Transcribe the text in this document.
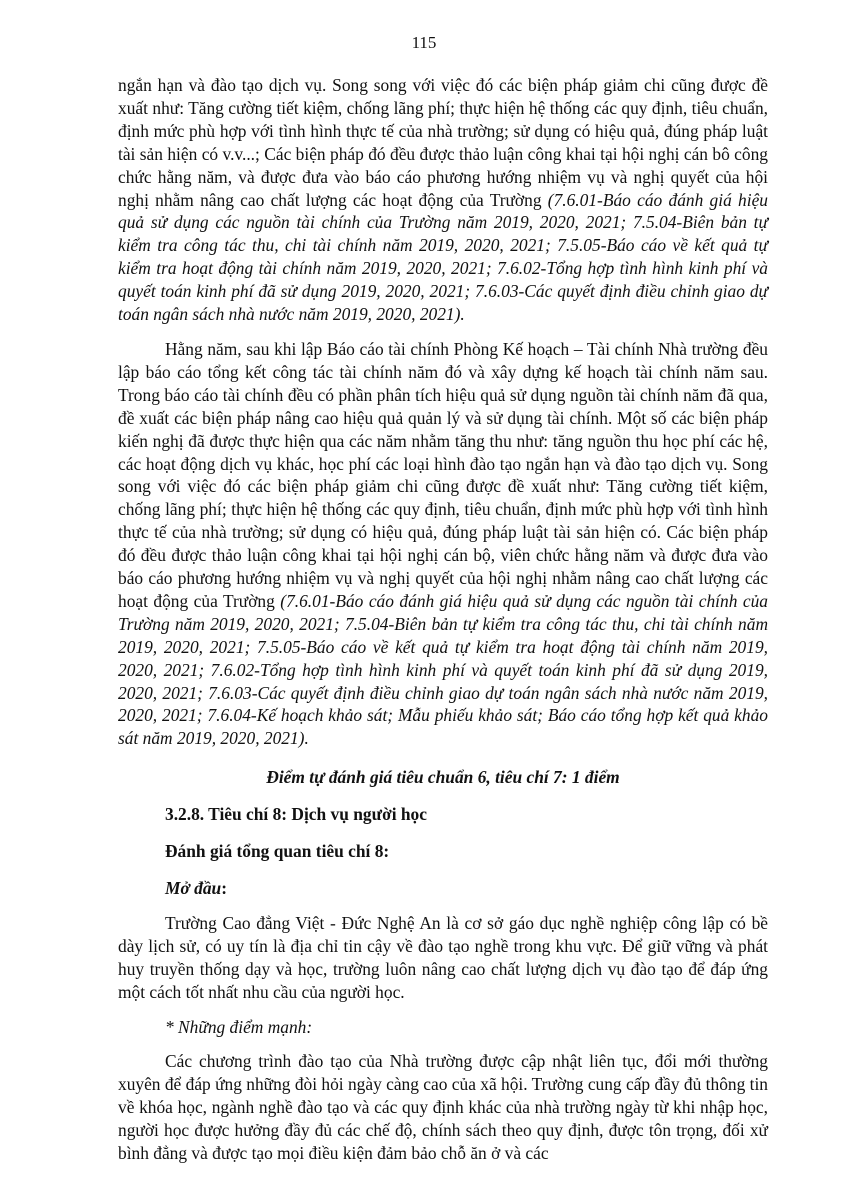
115

ngắn hạn và đào tạo dịch vụ. Song song với việc đó các biện pháp giảm chi cũng được đề xuất như: Tăng cường tiết kiệm, chống lãng phí; thực hiện hệ thống các quy định, tiêu chuẩn, định mức phù hợp với tình hình thực tế của nhà trường; sử dụng có hiệu quả, đúng pháp luật tài sản hiện có v.v...; Các biện pháp đó đều được thảo luận công khai tại hội nghị cán bô công chức hằng năm, và được đưa vào báo cáo phương hướng nhiệm vụ và nghị quyết của hội nghị nhằm nâng cao chất lượng các hoạt động của Trường (7.6.01-Báo cáo đánh giá hiệu quả sử dụng các nguồn tài chính của Trường năm 2019, 2020, 2021; 7.5.04-Biên bản tự kiểm tra công tác thu, chi tài chính năm 2019, 2020, 2021; 7.5.05-Báo cáo về kết quả tự kiểm tra hoạt động tài chính năm 2019, 2020, 2021; 7.6.02-Tổng hợp tình hình kinh phí và quyết toán kinh phí đã sử dụng 2019, 2020, 2021; 7.6.03-Các quyết định điều chỉnh giao dự toán ngân sách nhà nước năm 2019, 2020, 2021).

Hằng năm, sau khi lập Báo cáo tài chính Phòng Kế hoạch – Tài chính Nhà trường đều lập báo cáo tổng kết công tác tài chính năm đó và xây dựng kế hoạch tài chính năm sau. Trong báo cáo tài chính đều có phần phân tích hiệu quả sử dụng nguồn tài chính năm đã qua, đề xuất các biện pháp nâng cao hiệu quả quản lý và sử dụng tài chính. Một số các biện pháp kiến nghị đã được thực hiện qua các năm nhằm tăng thu như: tăng nguồn thu học phí các hệ, các hoạt động dịch vụ khác, học phí các loại hình đào tạo ngắn hạn và đào tạo dịch vụ. Song song với việc đó các biện pháp giảm chi cũng được đề xuất như: Tăng cường tiết kiệm, chống lãng phí; thực hiện hệ thống các quy định, tiêu chuẩn, định mức phù hợp với tình hình thực tế của nhà trường; sử dụng có hiệu quả, đúng pháp luật tài sản hiện có. Các biện pháp đó đều được thảo luận công khai tại hội nghị cán bộ, viên chức hằng năm và được đưa vào báo cáo phương hướng nhiệm vụ và nghị quyết của hội nghị nhằm nâng cao chất lượng các hoạt động của Trường (7.6.01-Báo cáo đánh giá hiệu quả sử dụng các nguồn tài chính của Trường năm 2019, 2020, 2021; 7.5.04-Biên bản tự kiểm tra công tác thu, chi tài chính năm 2019, 2020, 2021; 7.5.05-Báo cáo về kết quả tự kiểm tra hoạt động tài chính năm 2019, 2020, 2021; 7.6.02-Tổng hợp tình hình kinh phí và quyết toán kinh phí đã sử dụng 2019, 2020, 2021; 7.6.03-Các quyết định điều chỉnh giao dự toán ngân sách nhà nước năm 2019, 2020, 2021; 7.6.04-Kế hoạch khảo sát; Mẫu phiếu khảo sát; Báo cáo tổng hợp kết quả khảo sát năm 2019, 2020, 2021).

Điểm tự đánh giá tiêu chuẩn 6, tiêu chí 7: 1 điểm

3.2.8. Tiêu chí 8: Dịch vụ người học

Đánh giá tổng quan tiêu chí 8:

Mở đầu:

Trường Cao đẳng Việt - Đức Nghệ An là cơ sở gáo dục nghề nghiệp công lập có bề dày lịch sử, có uy tín là địa chỉ tin cậy về đào tạo nghề trong khu vực. Để giữ vững và phát huy truyền thống dạy và học, trường luôn nâng cao chất lượng dịch vụ đào tạo để đáp ứng một cách tốt nhất nhu cầu của người học.

* Những điểm mạnh:

Các chương trình đào tạo của Nhà trường được cập nhật liên tục, đổi mới thường xuyên để đáp ứng những đòi hỏi ngày càng cao của xã hội. Trường cung cấp đầy đủ thông tin về khóa học, ngành nghề đào tạo và các quy định khác của nhà trường ngày từ khi nhập học, người học được hưởng đầy đủ các chế độ, chính sách theo quy định, được tôn trọng, đối xử bình đẳng và được tạo mọi điều kiện đảm bảo chỗ ăn ở và các
